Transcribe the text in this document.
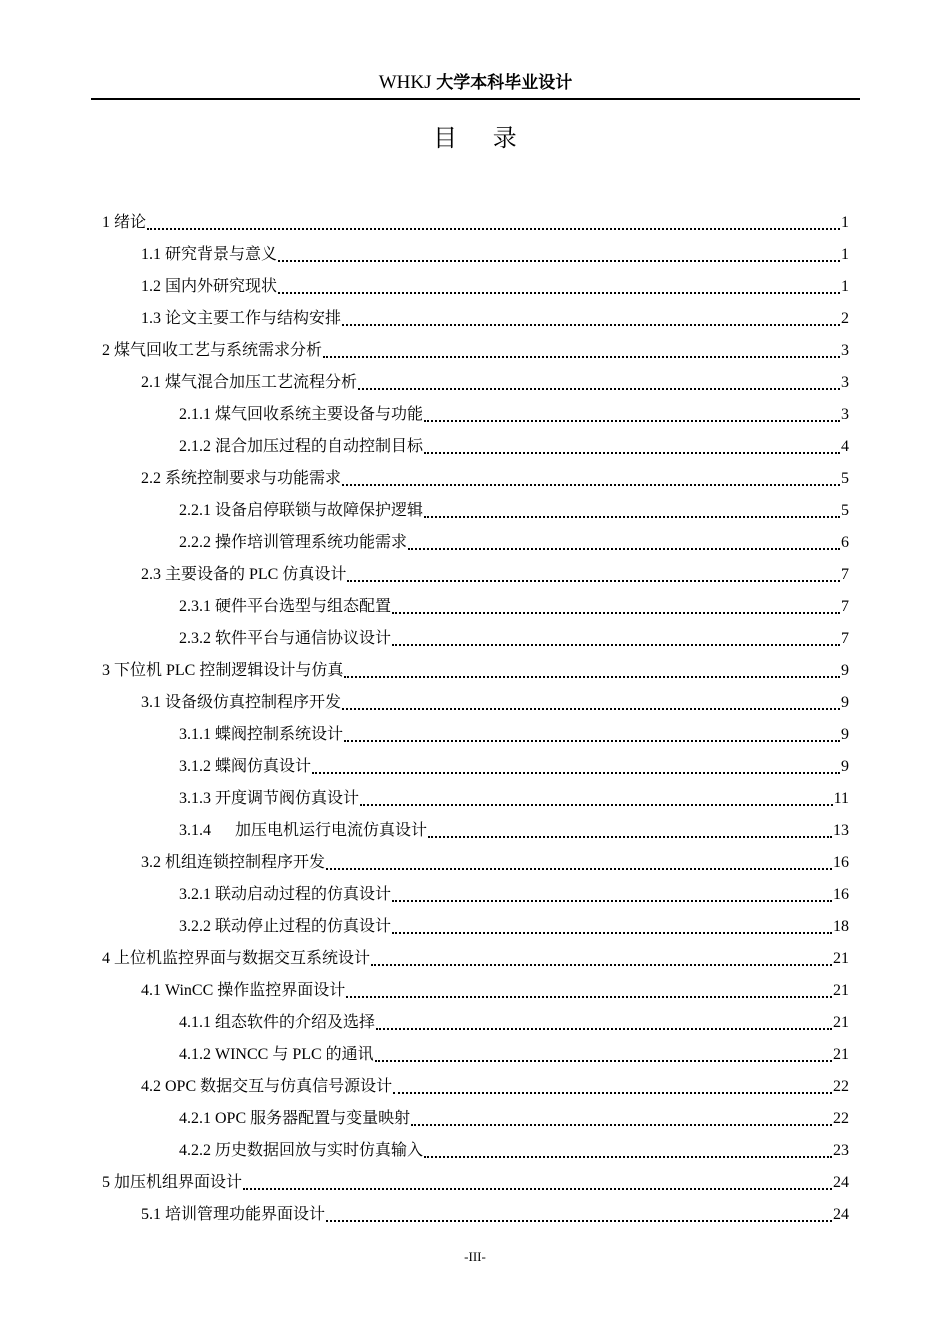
WHKJ 大学本科毕业设计
目 录
1 绪论	1
1.1 研究背景与意义	1
1.2 国内外研究现状	1
1.3 论文主要工作与结构安排	2
2 煤气回收工艺与系统需求分析	3
2.1 煤气混合加压工艺流程分析	3
2.1.1 煤气回收系统主要设备与功能	3
2.1.2 混合加压过程的自动控制目标	4
2.2 系统控制要求与功能需求	5
2.2.1 设备启停联锁与故障保护逻辑	5
2.2.2 操作培训管理系统功能需求	6
2.3 主要设备的 PLC 仿真设计	7
2.3.1 硬件平台选型与组态配置	7
2.3.2 软件平台与通信协议设计	7
3 下位机 PLC 控制逻辑设计与仿真	9
3.1 设备级仿真控制程序开发	9
3.1.1 蝶阀控制系统设计	9
3.1.2 蝶阀仿真设计	9
3.1.3 开度调节阀仿真设计	11
3.1.4 加压电机运行电流仿真设计	13
3.2 机组连锁控制程序开发	16
3.2.1 联动启动过程的仿真设计	16
3.2.2 联动停止过程的仿真设计	18
4 上位机监控界面与数据交互系统设计	21
4.1 WinCC 操作监控界面设计	21
4.1.1 组态软件的介绍及选择	21
4.1.2 WINCC 与 PLC 的通讯	21
4.2 OPC 数据交互与仿真信号源设计	22
4.2.1 OPC 服务器配置与变量映射	22
4.2.2 历史数据回放与实时仿真输入	23
5 加压机组界面设计	24
5.1 培训管理功能界面设计	24
-III-
